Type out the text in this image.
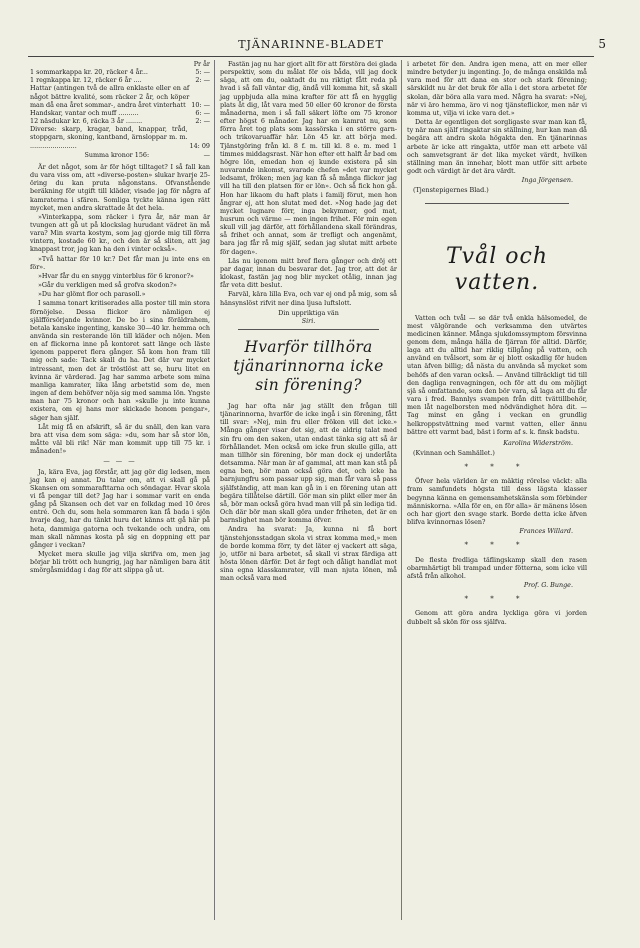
TJÄNARINNE-BLADET	5
Pr år
1 sommarkappa kr. 20, räcker 4 år...	5: —
1 regnkappa kr. 12, räcker 6 år ....	2: —
Hattar (antingen två de allra enklaste eller en af något bättre kvalité, som räcker 2 år, och köper man då ena året sommar-, andra året vinterhatt 10: —
Handskar, vantar och muff ..........	6: —
12 näsdukar kr. 6, räcka 3 år ........	2: —
Diverse: skarp, kragar, band, knappar, tråd, stoppgarn, skoning, kantband, ärnsloppar m. m. .......................	14: 09
Summa kronor 156:	—

Är det något, som är för högt tilltaget? I så fall kan du vara viss om, att »diverse-posten» slukar hvarje 25-öring du kan pruta någonstans. Ofvanstående beräkning för utgift till kläder, visade jag för några af kamraterna i sfären. Somliga tyckte känna igen rätt mycket, men andra skrattade åt det hela.

»Vinterkappa, som räcker i fyra år, när man är tvungen att gå ut på klockslag hurudant vädret än må vara? Min svarta kostym, som jag gjorde mig till förra vintern, kostade 60 kr., och den är så sliten, att jag knappast tror, jag kan ha den i vinter också».

»Två hattar för 10 kr.? Det får man ju inte ens en för».

»Hvar får du en snygg vinterblus för 6 kronor?»

»Går du verkligen med så grofva skodon?»

»Du har glömt flor och parasoll.»

I samma tonart kritiserades alla poster till min stora förnöjelse. Dessa flickor äro nämligen ej själfförsörjande kvinnor. De bo i sina föräldrahem, betala kanske ingenting, kanske 30—40 kr. hemma och använda sin resterande lön till kläder och nöjen. Men en af flickorna inne på kontoret satt länge och läste igenom papperet flera gånger. Så kom hon fram till mig och sade: Tack skall du ha. Det där var mycket intressant, men det är tröstlöst att se, huru litet en kvinna är värderad. Jag har samma arbete som mina manliga kamrater, lika lång arbetstid som de, men ingen af dem behöfver nöja sig med samma lön. Yngste man har 75 kronor och han »skulle ju inte kunna existera, om ej hans mor skickade honom pengar», säger han själf.

Låt mig få en afskrift, så är du snäll, den kan vara bra att visa dem som säga: »du, som har så stor lön, måtte väl bli rik! När man kommit upp till 75 kr. i månaden!»

— — —

Ja, kära Eva, jag förstår, att jag gör dig ledsen, men jag kan ej annat. Du talar om, att vi skall gå på Skansen om sommarafttarna och söndagar. Hvar skola vi få pengar till det? Jag har i sommar varit en enda gång på Skansen och det var en folkdag med 10 öres entré. Och du, som hela sommaren kan få bada i sjön hvarje dag, har du tänkt huru det känns att gå här på heta, dammiga gatorna och tvekande och undra, om man skall nämnas kosta på sig en doppning ett par gånger i veckan?

Mycket mera skulle jag vilja skrifva om, men jag börjar bli trött och hungrig, jag har nämligen bara ätit smörgåsmiddag i dag för att slippa gå ut.

Fastän jag nu har gjort allt för att förstöra dei glada perspektiv, som du målat för ois båda, vill jag dock säga, att om du, oaktadt du nu riktigt fått reda på hvad i så fall väntar dig, ändå vill komma hit, så skall jag uppbjuda alla mina krafter för att få en hygglig plats åt dig, låt vara med 50 eller 60 kronor de första månaderna, men i så fall säkert löfte om 75 kronor efter högst 6 månader. Jag har en kamrat nu, som förra året tog plats som kassörska i en större garn- och trikovaruaffär här. Lön 45 kr. att börja med. Tjänstgöring från kl. 8 f. m. till kl. 8 e. m. med 1 timmes middagsrast. När hon efter ett halft år bad om högre lön, emedan hon ej kunde existera på sin nuvarande inkomst, svarade chefen »det var mycket ledsamt, fröken; men jag kan få så många flickor jag vill ha till den platsen för er lön». Och så fick hon gå. Hon har likaom du haft plats i familj förut, men hon ångrar ej, att hon slutat med det. »Nog hade jag det mycket lugnare förr, inga bekymmer, god mat, husrum och värme — men ingen frihet. För min egen skull vill jag därför, att förhållandena skall förändras, så frihet och annat, som är trefligt och angenämt, bara jag får rå mig själf, sedan jag slutat mitt arbete för dagen».

Läs nu igenom mitt bref flera gånger och dröj ett par dagar, innan du besvarar det. Jag tror, att det är klokast, fastän jag nog blir mycket otålig, innan jag får veta ditt beslut.

Farväl, kära lilla Eva, och var ej ond på mig, som så hänsynslöst rifvit ner dina ljusa luftslott.

Din uppriktiga vän
Siri.
Hvarför tillhöra tjänarinnorna icke sin förening?

Jag har ofta när jag ställt den frågan till tjänarinnorna, hvarför de icke ingå i sin förening, fått till svar: »Nej, min fru eller fröken vill det icke.» Många gånger visar det sig, att de aldrig talat med sin fru om den saken, utan endast tänka sig att så är förhållandet. Men också om icke frun skulle gilla, att man tillhör sin förening, bör man dock ej underlåta detsamma. När man är af gammal, att man kan stå på egna ben, bör man också göra det, och icke ha barnjungfru som passar upp sig, man får vara så pass själfständig, att man kan gå in i en förening utan att begära tillåtelse därtill. Gör man sin plikt eller mer än så, bör man också göra hvad man vill på sin lediga tid. Och där bör man skall göra under friheten, det är en barnslighet man bör komma öfver.

Andra ha svarat: Ja, kunna ni få bort tjänstehjonsstadgan skola vi strax komma med,» men de borde komma förr, ty det läter ej vackert att säga, jo, utför ni bara arbetet, så skall vi strax färdiga att hösta lönen därför. Det är fegt och dåligt handlat mot sina egna klasskamrater, vill man njuta lönen, må man också vara med

i arbetet för den. Andra igen mena, att en mer eller mindre betyder ju ingenting. Jo, de många enskilda må vara med för att dana en stor och stark förening; särskildt nu är det bruk för alla i det stora arbetet för skolan, där böra alla vara med. Några ha svarat: »Nej, när vi äro hemma, äro vi nog tjänsteflickor, men när vi komma ut, vilja vi icke vara det.»

Detta är egentligen det sorgligaste svar man kan få, ty när man själf ringaktar sin ställning, hur kan man då begära att andra skola högakta den. En tjänarinnas arbete är icke att ringakta, utför man ett arbete väl och samvetsgrant är det lika mycket värdt, hvilken ställning man än innehar, blott man utför sitt arbete godt och värdigt är det ära värdt.

Inga Jörgensen.
(Tjenstepigernes Blad.)
Tvål och vatten.

Vatten och tvål — se där två enkla hälsomedel, de mest välgörande och verksamma den utvärtes medicinen känner. Många sjukdomssymptom försvinna genom dem, många hälla de fjärran för alltid. Därför, laga att du alltid har riklig tillgång på vatten, och använd en tvålsort, som är ej blott oskadlig för huden utan äfven billig; då nästa du använda så mycket som behöfs af den varan också. — Använd tillräckligt tid till den dagliga renvagningen, och för att du om möjligt sjä så omfattande, som den bör vara, så laga att du får vara i fred. Bannlys svampen från ditt tvättillbehör, men låt nagelborsten med nödvändighet höra dit. — Tag minst en gång i veckan en grundlig helkroppstvättning med varmt vatten, eller ännu bättre ett varmt bad, bäst i form af s. k. finsk badstu.

Karolina Widerström.
(Kvinnan och Samhället.)
* * *

Öfver hela världen är en mäktig rörelse väckt: alla fram samfundets högsta till dess lägsta klasser begynna känna en gemensamhetskänsla som förbinder människorna. »Alla för en, en för alla» är mänens lösen och har gjort den svage stark. Borde detta icke äfven blifva kvinnornas lösen?

Frances Willard.
* * *

De flesta fredliga täflingskamp skall den rasen obarmhärtigt bli trampad under fötterna, som icke vill afstå från alkohol.

Prof. G. Bunge.
* * *

Genom att göra andra lyckliga göra vi jorden dubbelt så skön för oss själfva.
